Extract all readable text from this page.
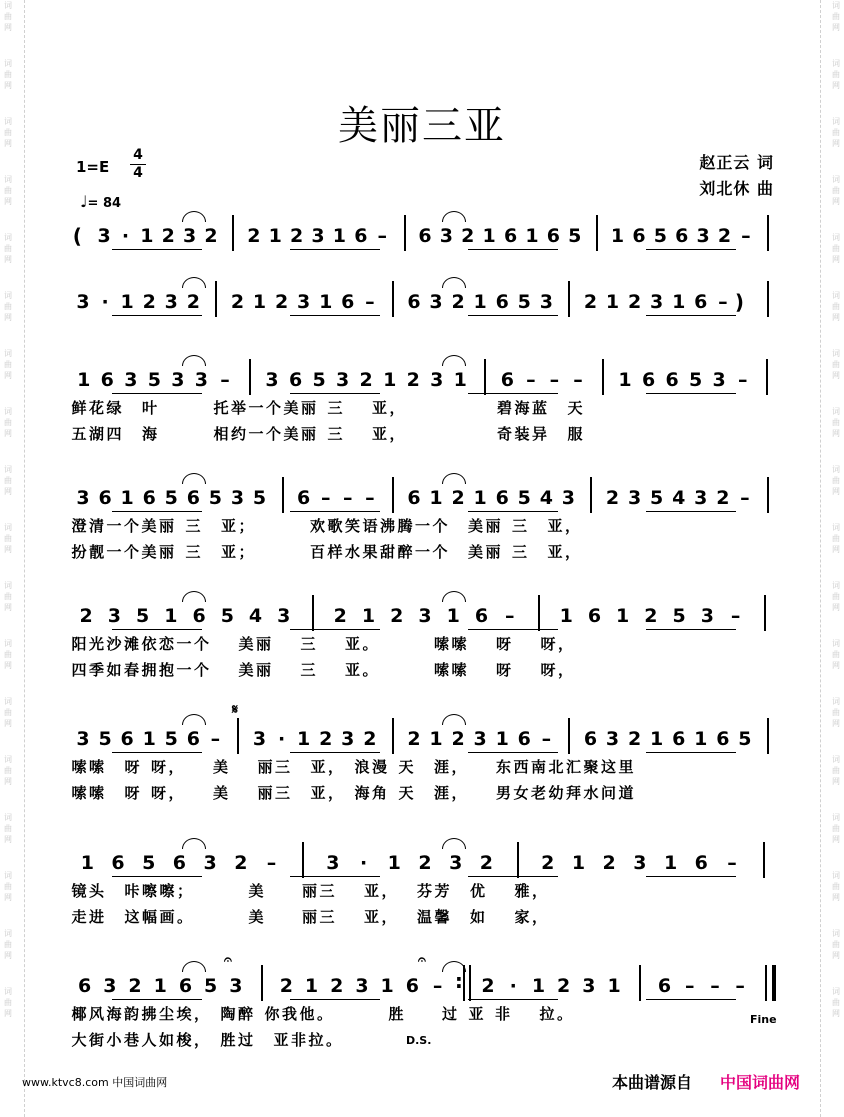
词
曲
网
词
曲
网
词
曲
网
词
曲
网
词
曲
网
词
曲
网
词
曲
网
词
曲
网
词
曲
网
词
曲
网
词
曲
网
词
曲
网
词
曲
网
词
曲
网
词
曲
网
词
曲
网
词
曲
网
词
曲
网
词
曲
网
词
曲
网
词
曲
网
词
曲
网
词
曲
网
词
曲
网
词
曲
网
词
曲
网
词
曲
网
词
曲
网
词
曲
网
词
曲
网
词
曲
网
词
曲
网
词
曲
网
词
曲
网
词
曲
网
词
曲
网
美丽三亚
1=E
4
4
♩= 84
赵正云 词
刘北休 曲
( 3 · 1 2 3 2 2 1 2 3 1 6 – 6 3 2 1 6 1 6 5 1 6 5 6 3 2 –
3 · 1 2 3 2 2 1 2 3 1 6 – 6 3 2 1 6 5 3 2 1 2 3 1 6 – )
1 6 3 5 3 3 – 3 6 5 3 2 1 2 3 1 6 – – – 1 6 6 5 3 –
3 6 1 6 5 6 5 3 5 6 – – – 6 1 2 1 6 5 4 3 2 3 5 4 3 2 –
2 3 5 1 6 5 4 3 2 1 2 3 1 6 – 1 6 1 2 5 3 –
3 5 6 1 5 6 – 3 · 1 2 3 2 2 1 2 3 1 6 – 6 3 2 1 6 1 6 5
1 6 5 6 3 2 –	3	·	1 2 3 2	2 1 2 3 1 6 –
6 3 2 1 6 5 3 2 1 2 3 1 6 –
: 2 · 1 2 3 1 6 – – –
鲜 花 绿 叶	托 举 一 个 美 丽 三 亚 ，	碧 海 蓝 天
五 湖 四 海	相 约 一 个 美 丽 三 亚 ，	奇 装 异 服
澄 清 一 个 美 丽 三 亚 ；	欢 歌 笑 语 沸 腾 一 个 美 丽 三 亚 ，
扮 靓 一 个 美 丽 三 亚 ；	百 样 水 果 甜 醉 一 个 美 丽 三 亚 ，
阳 光 沙 滩 依 恋 一 个 美 丽 三 亚 。	嗦 嗦 呀 呀 ，
四 季 如 春 拥 抱 一 个 美 丽 三 亚 。	嗦 嗦 呀 呀 ，
嗦 嗦 呀 呀 ， 美 丽 三 亚 ， 浪 漫 天 涯 ， 东 西 南 北 汇 聚 这 里
嗦 嗦 呀 呀 ， 美 丽 三 亚 ， 海 角 天 涯 ， 男 女 老 幼 拜 水 问 道
镜 头 咔 嚓 嚓 ；	美	丽 三 亚 ， 芬 芳 优 雅 ，
走 进 这 幅 画 。	美	丽 三 亚 ， 温 馨 如 家 ，
椰 风 海 韵 拂 尘 埃 ， 陶 醉 你 我 他 。	胜	过 亚 非 拉 。
大 街 小 巷 人 如 梭 ， 胜 过 亚 非 拉 。
𝄋
𝄐	𝄐
D.S.
Fine
www.ktvc8.com 中国词曲网	本曲谱源自 中国词曲网
